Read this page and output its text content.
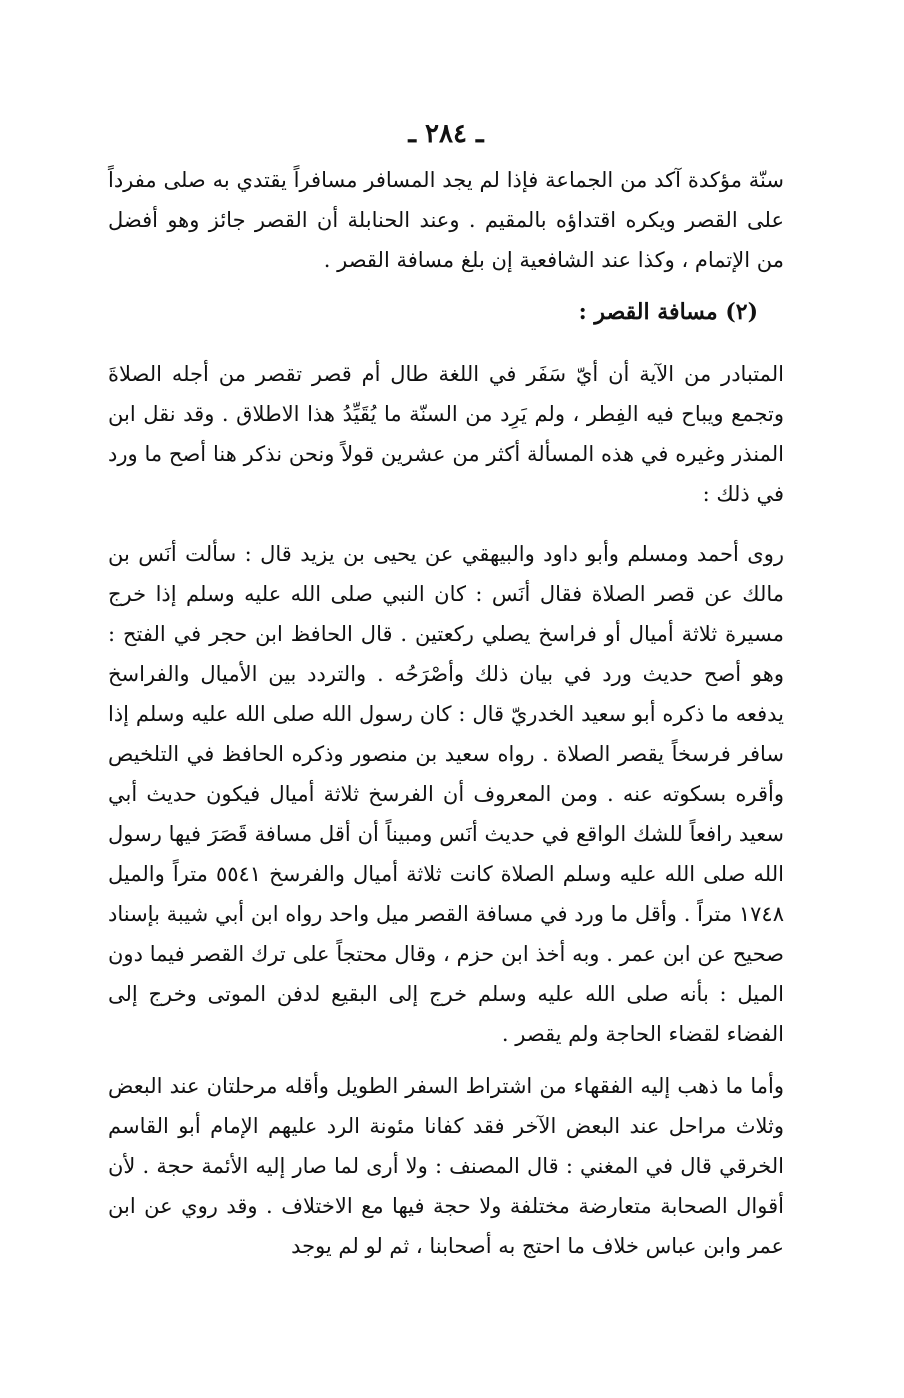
ـ ٢٨٤ ـ

سنّة مؤكدة آكد من الجماعة فإذا لم يجد المسافر مسافراً يقتدي به صلى مفرداً على القصر ويكره اقتداؤه بالمقيم . وعند الحنابلة أن القصر جائز وهو أفضل من الإتمام ، وكذا عند الشافعية إن بلغ مسافة القصر .

(٢) مسافة القصر :

المتبادر من الآية أن أيّ سَفَر في اللغة طال أم قصر تقصر من أجله الصلاةَ وتجمع ويباح فيه الفِطر ، ولم يَرِد من السنّة ما يُقَيِّدُ هذا الاطلاق . وقد نقل ابن المنذر وغيره في هذه المسألة أكثر من عشرين قولاً ونحن نذكر هنا أصح ما ورد في ذلك :

روى أحمد ومسلم وأبو داود والبيهقي عن يحيى بن يزيد قال : سألت أنَس بن مالك عن قصر الصلاة فقال أنَس : كان النبي صلى الله عليه وسلم إذا خرج مسيرة ثلاثة أميال أو فراسخ يصلي ركعتين . قال الحافظ ابن حجر في الفتح : وهو أصح حديث ورد في بيان ذلك وأصْرَحُه . والتردد بين الأميال والفراسخ يدفعه ما ذكره أبو سعيد الخدريّ قال : كان رسول الله صلى الله عليه وسلم إذا سافر فرسخاً يقصر الصلاة . رواه سعيد بن منصور وذكره الحافظ في التلخيص وأقره بسكوته عنه . ومن المعروف أن الفرسخ ثلاثة أميال فيكون حديث أبي سعيد رافعاً للشك الواقع في حديث أنَس ومبيناً أن أقل مسافة قَصَرَ فيها رسول الله صلى الله عليه وسلم الصلاة كانت ثلاثة أميال والفرسخ ٥٥٤١ متراً والميل ١٧٤٨ متراً . وأقل ما ورد في مسافة القصر ميل واحد رواه ابن أبي شيبة بإسناد صحيح عن ابن عمر . وبه أخذ ابن حزم ، وقال محتجاً على ترك القصر فيما دون الميل : بأنه صلى الله عليه وسلم خرج إلى البقيع لدفن الموتى وخرج إلى الفضاء لقضاء الحاجة ولم يقصر .

وأما ما ذهب إليه الفقهاء من اشتراط السفر الطويل وأقله مرحلتان عند البعض وثلاث مراحل عند البعض الآخر فقد كفانا مئونة الرد عليهم الإمام أبو القاسم الخرقي قال في المغني : قال المصنف : ولا أرى لما صار إليه الأئمة حجة . لأن أقوال الصحابة متعارضة مختلفة ولا حجة فيها مع الاختلاف . وقد روي عن ابن عمر وابن عباس خلاف ما احتج به أصحابنا ، ثم لو لم يوجد
